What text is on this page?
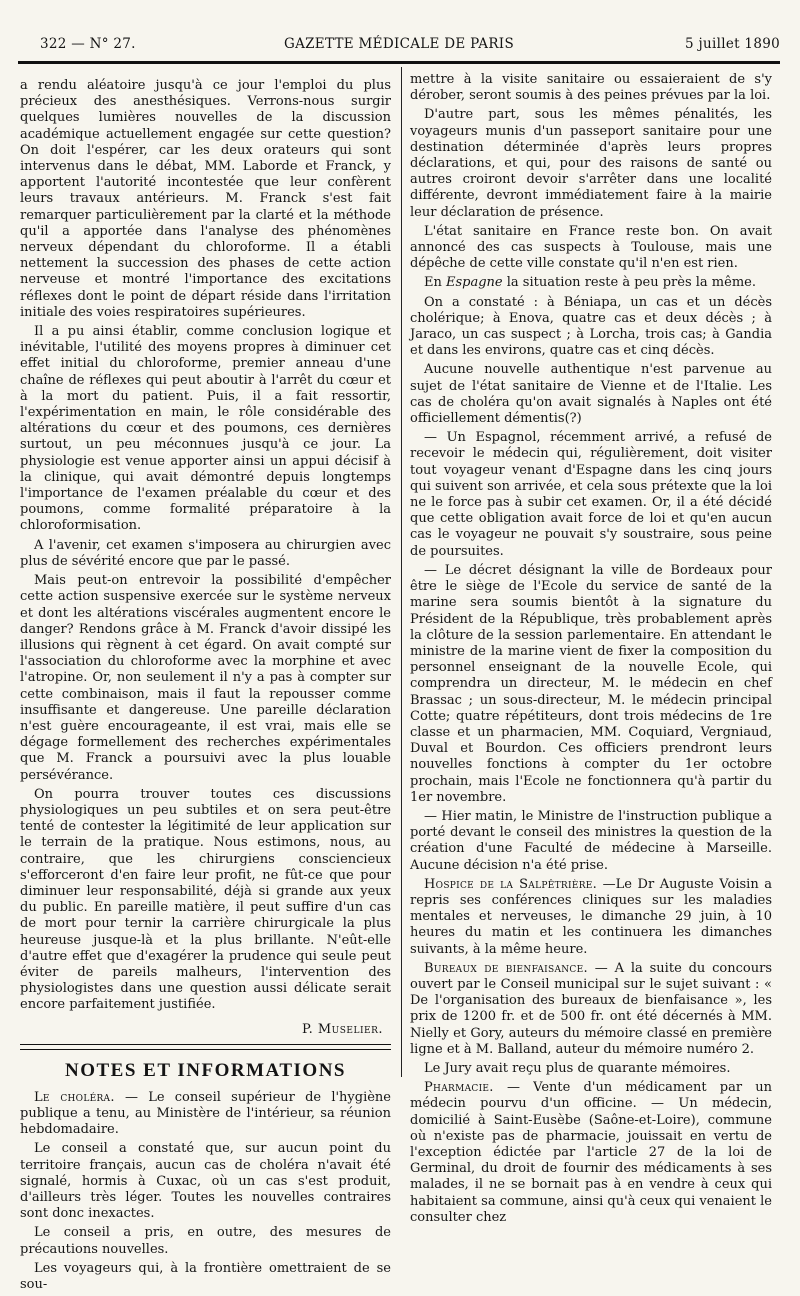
322 — N° 27.	GAZETTE MÉDICALE DE PARIS	5 juillet 1890

a rendu aléatoire jusqu'à ce jour l'emploi du plus précieux des anesthésiques. Verrons-nous surgir quelques lumières nouvelles de la discussion académique actuellement engagée sur cette question? On doit l'espérer, car les deux orateurs qui sont intervenus dans le débat, MM. Laborde et Franck, y apportent l'autorité incontestée que leur confèrent leurs travaux antérieurs. M. Franck s'est fait remarquer particulièrement par la clarté et la méthode qu'il a apportée dans l'analyse des phénomènes nerveux dépendant du chloroforme. Il a établi nettement la succession des phases de cette action nerveuse et montré l'importance des excitations réflexes dont le point de départ réside dans l'irritation initiale des voies respiratoires supérieures.

Il a pu ainsi établir, comme conclusion logique et inévitable, l'utilité des moyens propres à diminuer cet effet initial du chloroforme, premier anneau d'une chaîne de réflexes qui peut aboutir à l'arrêt du cœur et à la mort du patient. Puis, il a fait ressortir, l'expérimentation en main, le rôle considérable des altérations du cœur et des poumons, ces dernières surtout, un peu méconnues jusqu'à ce jour. La physiologie est venue apporter ainsi un appui décisif à la clinique, qui avait démontré depuis longtemps l'importance de l'examen préalable du cœur et des poumons, comme formalité préparatoire à la chloroformisation.

A l'avenir, cet examen s'imposera au chirurgien avec plus de sévérité encore que par le passé.

Mais peut-on entrevoir la possibilité d'empêcher cette action suspensive exercée sur le système nerveux et dont les altérations viscérales augmentent encore le danger? Rendons grâce à M. Franck d'avoir dissipé les illusions qui règnent à cet égard. On avait compté sur l'association du chloroforme avec la morphine et avec l'atropine. Or, non seulement il n'y a pas à compter sur cette combinaison, mais il faut la repousser comme insuffisante et dangereuse. Une pareille déclaration n'est guère encourageante, il est vrai, mais elle se dégage formellement des recherches expérimentales que M. Franck a poursuivi avec la plus louable persévérance.

On pourra trouver toutes ces discussions physiologiques un peu subtiles et on sera peut-être tenté de contester la légitimité de leur application sur le terrain de la pratique. Nous estimons, nous, au contraire, que les chirurgiens consciencieux s'efforceront d'en faire leur profit, ne fût-ce que pour diminuer leur responsabilité, déjà si grande aux yeux du public. En pareille matière, il peut suffire d'un cas de mort pour ternir la carrière chirurgicale la plus heureuse jusque-là et la plus brillante. N'eût-elle d'autre effet que d'exagérer la prudence qui seule peut éviter de pareils malheurs, l'intervention des physiologistes dans une question aussi délicate serait encore parfaitement justifiée.

P. Muselier.

NOTES ET INFORMATIONS

Le choléra. — Le conseil supérieur de l'hygiène publique a tenu, au Ministère de l'intérieur, sa réunion hebdomadaire.

Le conseil a constaté que, sur aucun point du territoire français, aucun cas de choléra n'avait été signalé, hormis à Cuxac, où un cas s'est produit, d'ailleurs très léger. Toutes les nouvelles contraires sont donc inexactes.

Le conseil a pris, en outre, des mesures de précautions nouvelles.

Les voyageurs qui, à la frontière omettraient de se sou-

mettre à la visite sanitaire ou essaieraient de s'y dérober, seront soumis à des peines prévues par la loi.

D'autre part, sous les mêmes pénalités, les voyageurs munis d'un passeport sanitaire pour une destination déterminée d'après leurs propres déclarations, et qui, pour des raisons de santé ou autres croiront devoir s'arrêter dans une localité différente, devront immédiatement faire à la mairie leur déclaration de présence.

L'état sanitaire en France reste bon. On avait annoncé des cas suspects à Toulouse, mais une dépêche de cette ville constate qu'il n'en est rien.

En Espagne la situation reste à peu près la même.

On a constaté : à Béniapa, un cas et un décès cholérique; à Enova, quatre cas et deux décès ; à Jaraco, un cas suspect ; à Lorcha, trois cas; à Gandia et dans les environs, quatre cas et cinq décès.

Aucune nouvelle authentique n'est parvenue au sujet de l'état sanitaire de Vienne et de l'Italie. Les cas de choléra qu'on avait signalés à Naples ont été officiellement démentis(?)

— Un Espagnol, récemment arrivé, a refusé de recevoir le médecin qui, régulièrement, doit visiter tout voyageur venant d'Espagne dans les cinq jours qui suivent son arrivée, et cela sous prétexte que la loi ne le force pas à subir cet examen. Or, il a été décidé que cette obligation avait force de loi et qu'en aucun cas le voyageur ne pouvait s'y soustraire, sous peine de poursuites.

— Le décret désignant la ville de Bordeaux pour être le siège de l'Ecole du service de santé de la marine sera soumis bientôt à la signature du Président de la République, très probablement après la clôture de la session parlementaire. En attendant le ministre de la marine vient de fixer la composition du personnel enseignant de la nouvelle Ecole, qui comprendra un directeur, M. le médecin en chef Brassac ; un sous-directeur, M. le médecin principal Cotte; quatre répétiteurs, dont trois médecins de 1re classe et un pharmacien, MM. Coquiard, Vergniaud, Duval et Bourdon. Ces officiers prendront leurs nouvelles fonctions à compter du 1er octobre prochain, mais l'Ecole ne fonctionnera qu'à partir du 1er novembre.

— Hier matin, le Ministre de l'instruction publique a porté devant le conseil des ministres la question de la création d'une Faculté de médecine à Marseille. Aucune décision n'a été prise.

Hospice de la Salpêtrière. —Le Dr Auguste Voisin a repris ses conférences cliniques sur les maladies mentales et nerveuses, le dimanche 29 juin, à 10 heures du matin et les continuera les dimanches suivants, à la même heure.

Bureaux de bienfaisance. — A la suite du concours ouvert par le Conseil municipal sur le sujet suivant : « De l'organisation des bureaux de bienfaisance », les prix de 1200 fr. et de 500 fr. ont été décernés à MM. Nielly et Gory, auteurs du mémoire classé en première ligne et à M. Balland, auteur du mémoire numéro 2.

Le Jury avait reçu plus de quarante mémoires.

Pharmacie. — Vente d'un médicament par un médecin pourvu d'un officine. — Un médecin, domicilié à Saint-Eusèbe (Saône-et-Loire), commune où n'existe pas de pharmacie, jouissait en vertu de l'exception édictée par l'article 27 de la loi de Germinal, du droit de fournir des médicaments à ses malades, il ne se bornait pas à en vendre à ceux qui habitaient sa commune, ainsi qu'à ceux qui venaient le consulter chez
